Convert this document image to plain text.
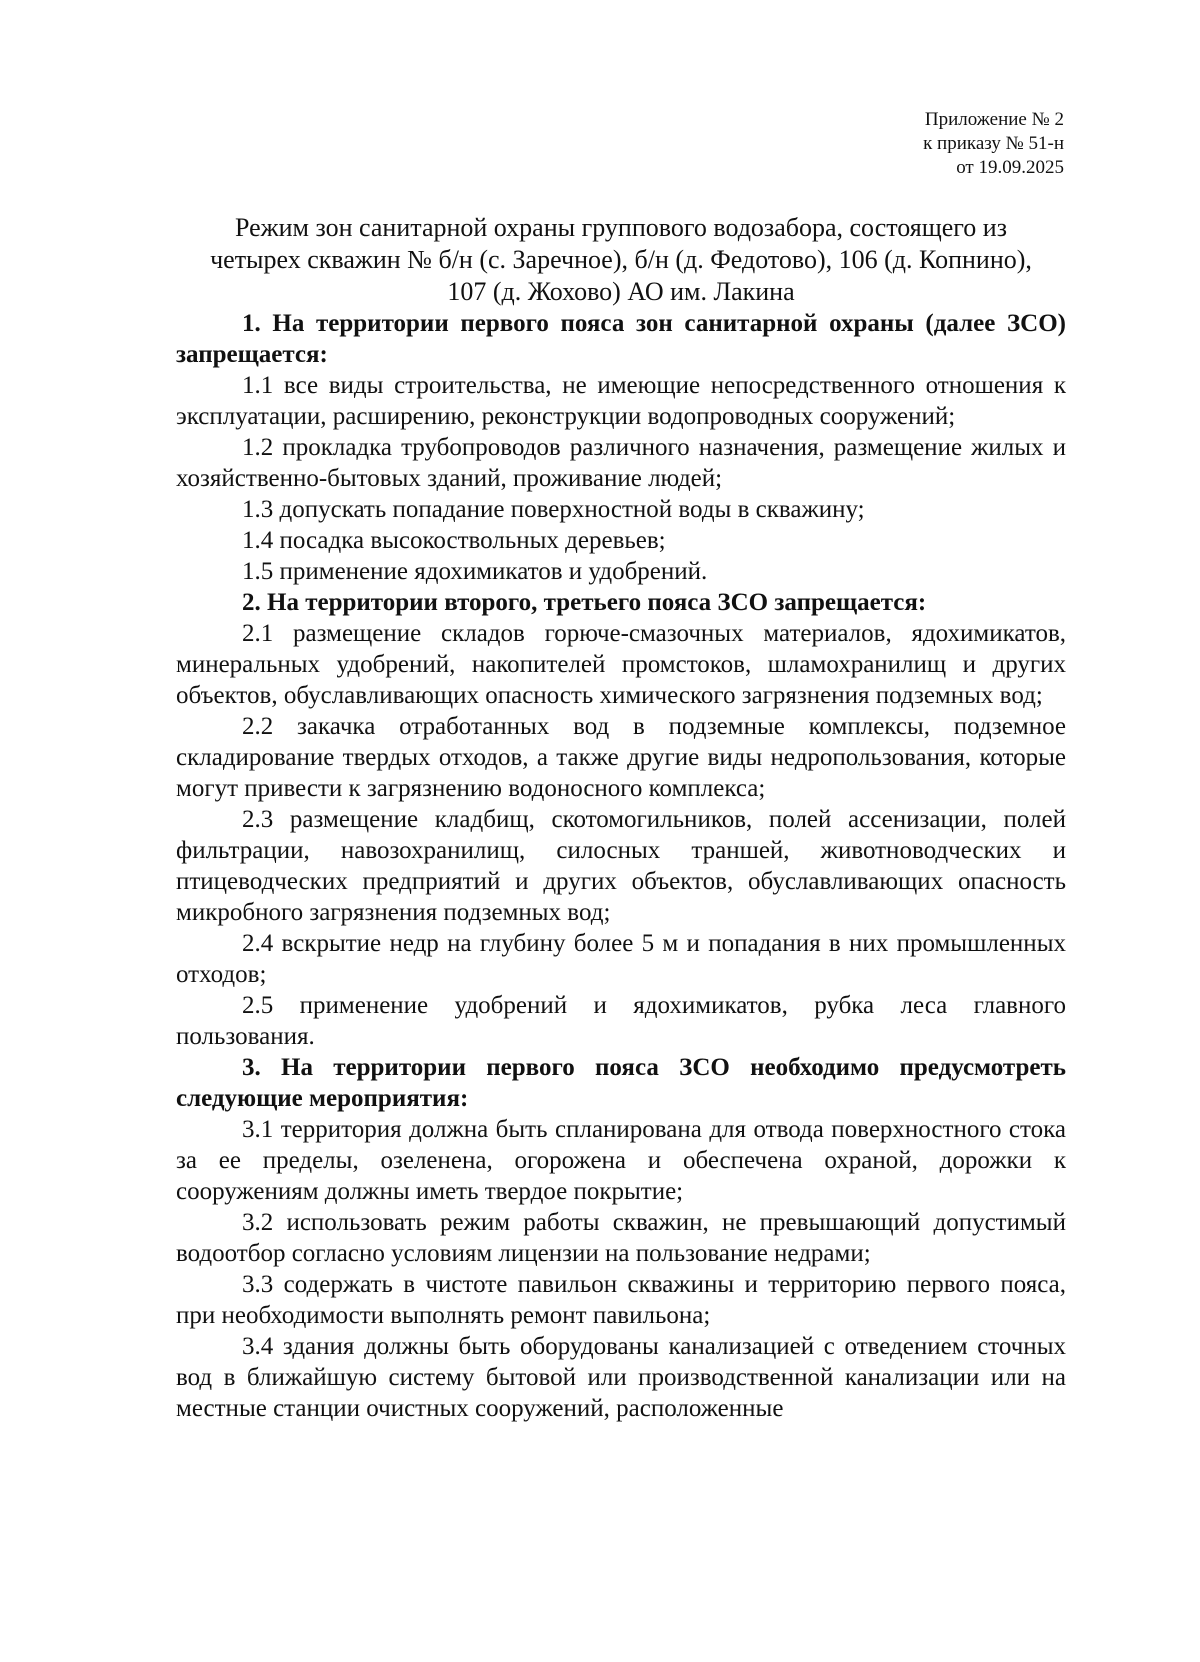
Приложение № 2
к приказу № 51-н
от 19.09.2025
Режим зон санитарной охраны группового водозабора, состоящего из
четырех скважин № б/н (с. Заречное), б/н (д. Федотово), 106 (д. Копнино),
107 (д. Жохово) АО им. Лакина

1. На территории первого пояса зон санитарной охраны (далее ЗСО) запрещается:

1.1 все виды строительства, не имеющие непосредственного отношения к эксплуатации, расширению, реконструкции водопроводных сооружений;

1.2 прокладка трубопроводов различного назначения, размещение жилых и хозяйственно-бытовых зданий, проживание людей;

1.3 допускать попадание поверхностной воды в скважину;

1.4 посадка высокоствольных деревьев;

1.5 применение ядохимикатов и удобрений.

2. На территории второго, третьего пояса ЗСО запрещается:

2.1 размещение складов горюче-смазочных материалов, ядохимикатов, минеральных удобрений, накопителей промстоков, шламохранилищ и других объектов, обуславливающих опасность химического загрязнения подземных вод;

2.2 закачка отработанных вод в подземные комплексы, подземное складирование твердых отходов, а также другие виды недропользования, которые могут привести к загрязнению водоносного комплекса;

2.3 размещение кладбищ, скотомогильников, полей ассенизации, полей фильтрации, навозохранилищ, силосных траншей, животноводческих и птицеводческих предприятий и других объектов, обуславливающих опасность микробного загрязнения подземных вод;

2.4 вскрытие недр на глубину более 5 м и попадания в них промышленных отходов;

2.5 применение удобрений и ядохимикатов, рубка леса главного пользования.

3. На территории первого пояса ЗСО необходимо предусмотреть следующие мероприятия:

3.1 территория должна быть спланирована для отвода поверхностного стока за ее пределы, озеленена, огорожена и обеспечена охраной, дорожки к сооружениям должны иметь твердое покрытие;

3.2 использовать режим работы скважин, не превышающий допустимый водоотбор согласно условиям лицензии на пользование недрами;

3.3 содержать в чистоте павильон скважины и территорию первого пояса, при необходимости выполнять ремонт павильона;

3.4 здания должны быть оборудованы канализацией с отведением сточных вод в ближайшую систему бытовой или производственной канализации или на местные станции очистных сооружений, расположенные
